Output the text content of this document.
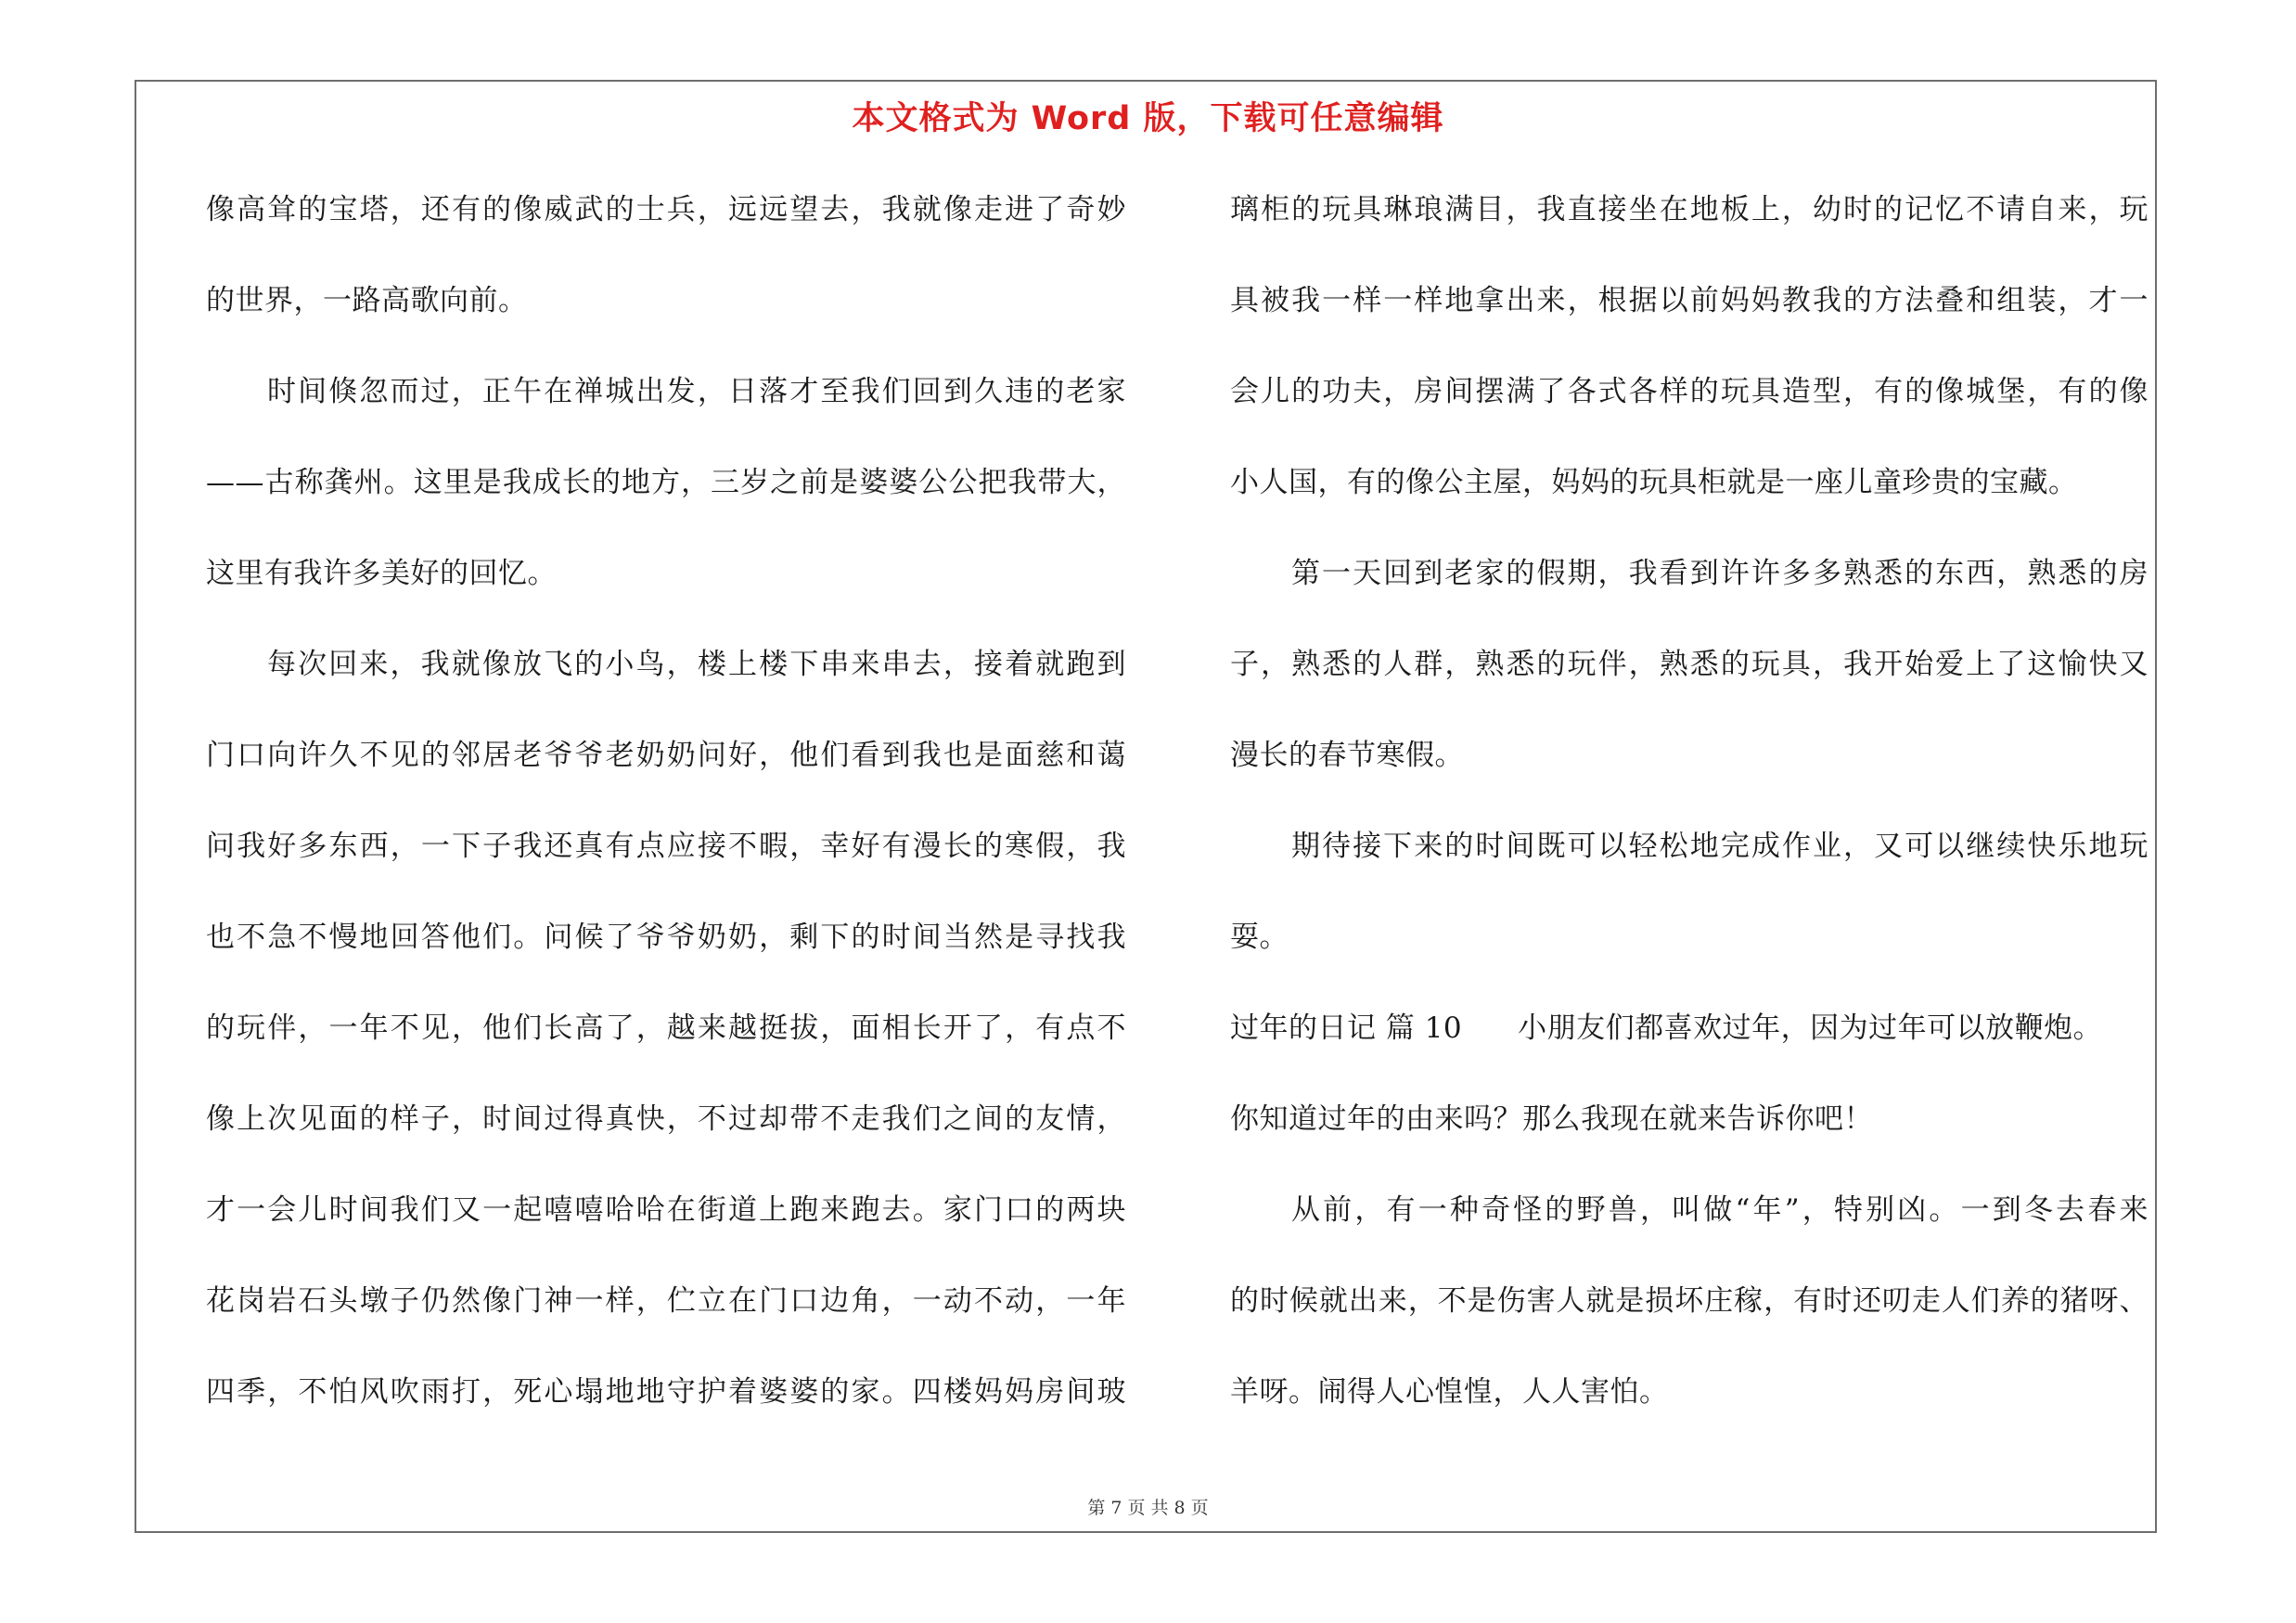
本文格式为 Word 版，下载可任意编辑
像高耸的宝塔，还有的像威武的士兵，远远望去，我就像走进了奇妙
的世界，一路高歌向前。
时间倏忽而过，正午在禅城出发，日落才至我们回到久违的老家
——古称龚州。这里是我成长的地方，三岁之前是婆婆公公把我带大，
这里有我许多美好的回忆。
每次回来，我就像放飞的小鸟，楼上楼下串来串去，接着就跑到
门口向许久不见的邻居老爷爷老奶奶问好，他们看到我也是面慈和蔼
问我好多东西，一下子我还真有点应接不暇，幸好有漫长的寒假，我
也不急不慢地回答他们。问候了爷爷奶奶，剩下的时间当然是寻找我
的玩伴，一年不见，他们长高了，越来越挺拔，面相长开了，有点不
像上次见面的样子，时间过得真快，不过却带不走我们之间的友情，
才一会儿时间我们又一起嘻嘻哈哈在街道上跑来跑去。家门口的两块
花岗岩石头墩子仍然像门神一样，伫立在门口边角，一动不动，一年
四季，不怕风吹雨打，死心塌地地守护着婆婆的家。四楼妈妈房间玻
璃柜的玩具琳琅满目，我直接坐在地板上，幼时的记忆不请自来，玩
具被我一样一样地拿出来，根据以前妈妈教我的方法叠和组装，才一
会儿的功夫，房间摆满了各式各样的玩具造型，有的像城堡，有的像
小人国，有的像公主屋，妈妈的玩具柜就是一座儿童珍贵的宝藏。
第一天回到老家的假期，我看到许许多多熟悉的东西，熟悉的房
子，熟悉的人群，熟悉的玩伴，熟悉的玩具，我开始爱上了这愉快又
漫长的春节寒假。
期待接下来的时间既可以轻松地完成作业，又可以继续快乐地玩
耍。
过年的日记 篇 10 小朋友们都喜欢过年，因为过年可以放鞭炮。
你知道过年的由来吗？那么我现在就来告诉你吧！
从前，有一种奇怪的野兽，叫做“年”，特别凶。一到冬去春来
的时候就出来，不是伤害人就是损坏庄稼，有时还叨走人们养的猪呀、
羊呀。闹得人心惶惶，人人害怕。
第 7 页 共 8 页
